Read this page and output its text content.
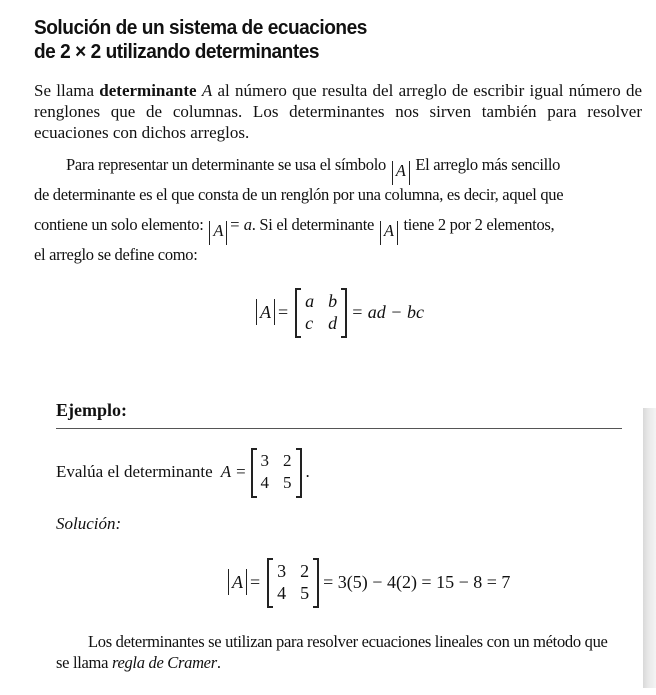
Solución de un sistema de ecuaciones
de 2 × 2 utilizando determinantes
Se llama determinante A al número que resulta del arreglo de escribir igual número de renglones que de columnas. Los determinantes nos sirven también para resolver ecuaciones con dichos arreglos.
Para representar un determinante se usa el símbolo A El arreglo más sencillo
de determinante es el que consta de un renglón por una columna, es decir, aquel que
contiene un solo elemento: A = a. Si el determinante A tiene 2 por 2 elementos,
el arreglo se define como:
A =
a b
c d
= ad − bc
Ejemplo:
Evalúa el determinante A =
3 2
4 5
.
Solución:
A =
3 2
4 5
= 3(5) − 4(2) = 15 − 8 = 7
Los determinantes se utilizan para resolver ecuaciones lineales con un método que se llama regla de Cramer.
